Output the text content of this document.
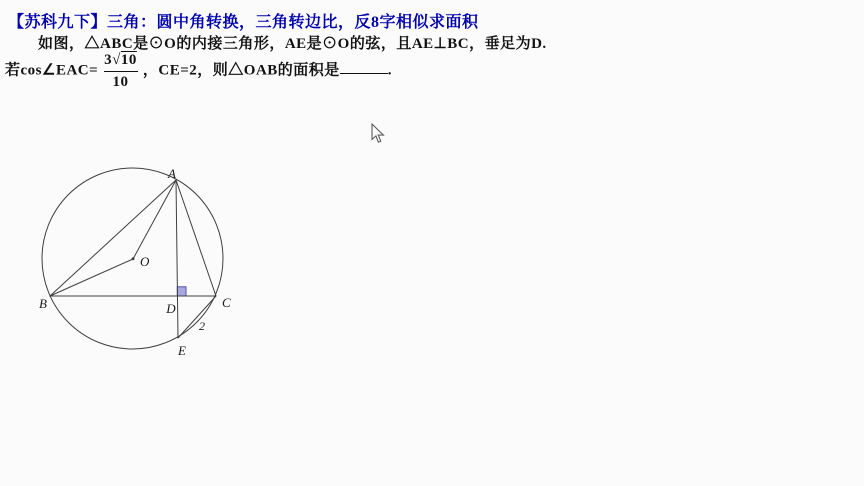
【苏科九下】三角：圆中角转换，三角转边比，反8字相似求面积
如图，△ABC是⊙O的内接三角形，AE是⊙O的弦，且AE⊥BC，垂足为D.
若cos∠EAC= $\frac{3√10}{10}$ ，CE=2，则△OAB的面积是	.
A
B	C
D
E
O
2
